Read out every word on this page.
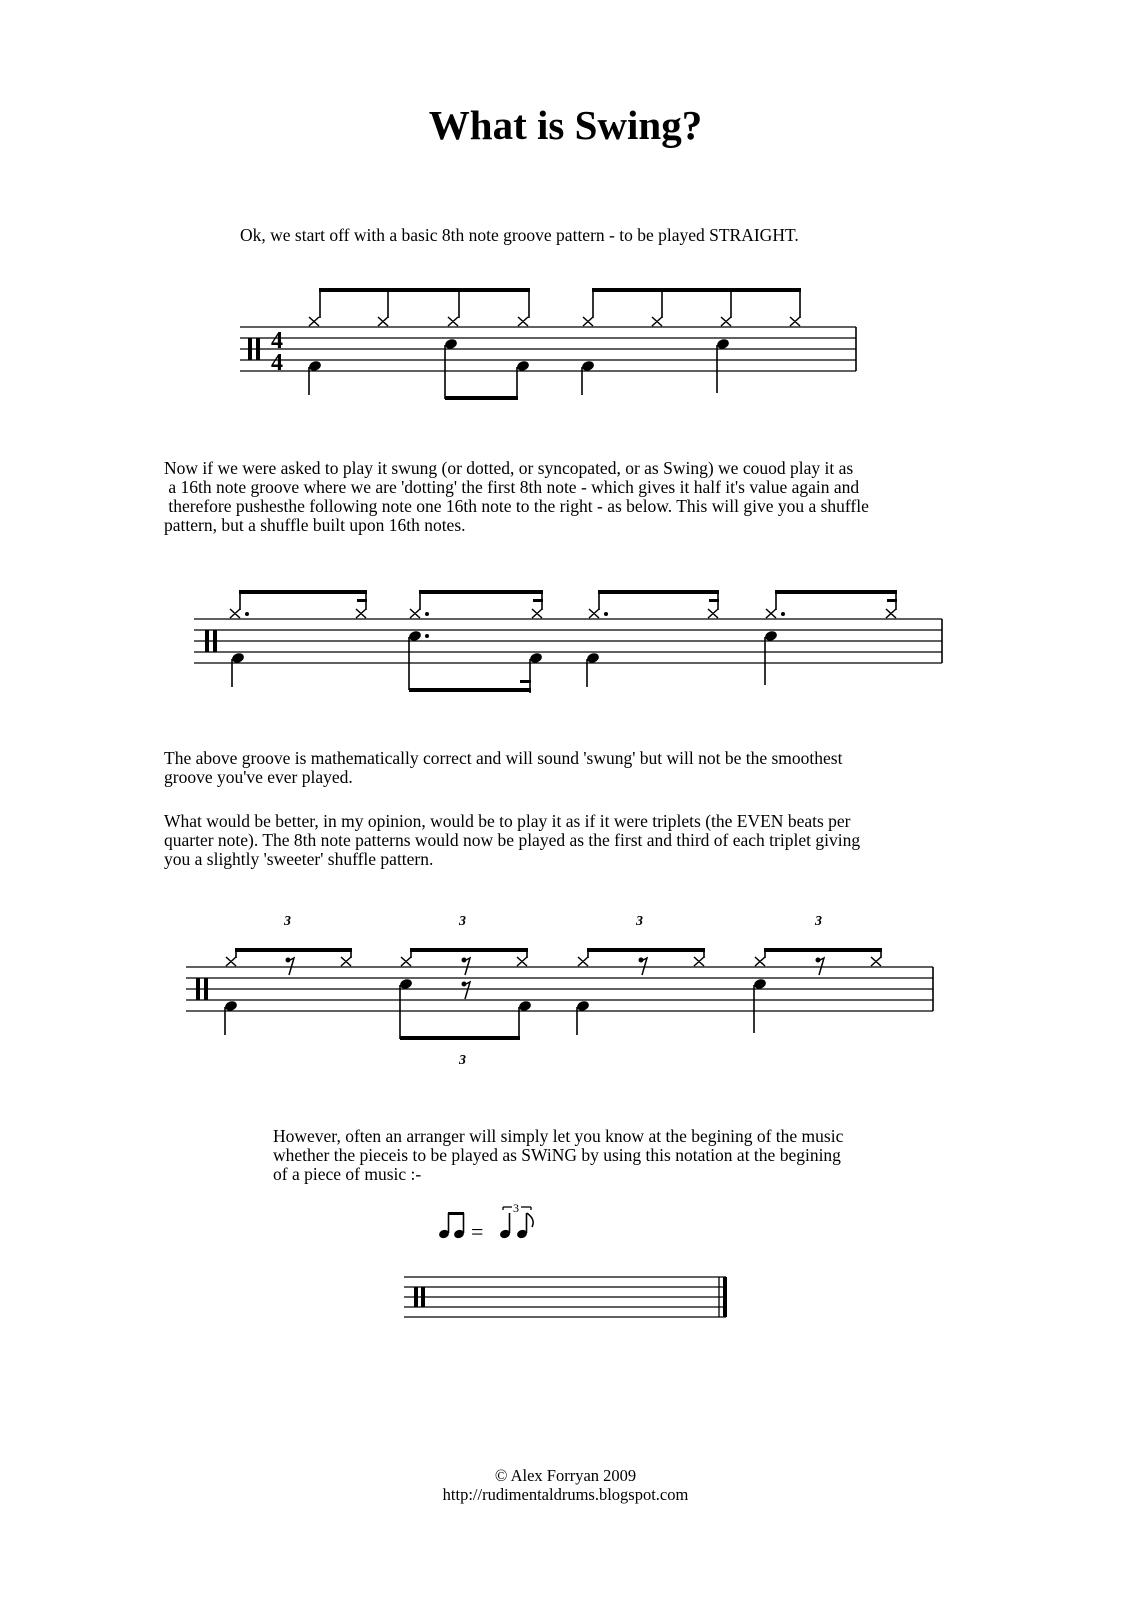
What is Swing?
Ok, we start off with a basic 8th note groove pattern - to be played STRAIGHT.
4
4
Now if we were asked to play it swung (or dotted, or syncopated, or as Swing) we couod play it as
a 16th note groove where we are 'dotting' the first 8th note - which gives it half it's value again and
therefore pushesthe following note one 16th note to the right - as below. This will give you a shuffle
pattern, but a shuffle built upon 16th notes.
The above groove is mathematically correct and will sound 'swung' but will not be the smoothest
groove you've ever played.
What would be better, in my opinion, would be to play it as if it were triplets (the EVEN beats per
quarter note). The 8th note patterns would now be played as the first and third of each triplet giving
you a slightly 'sweeter' shuffle pattern.
3	3	3	3
3
However, often an arranger will simply let you know at the begining of the music
whether the pieceis to be played as SWiNG by using this notation at the begining
of a piece of music :-
=
3
© Alex Forryan 2009
http://rudimentaldrums.blogspot.com
